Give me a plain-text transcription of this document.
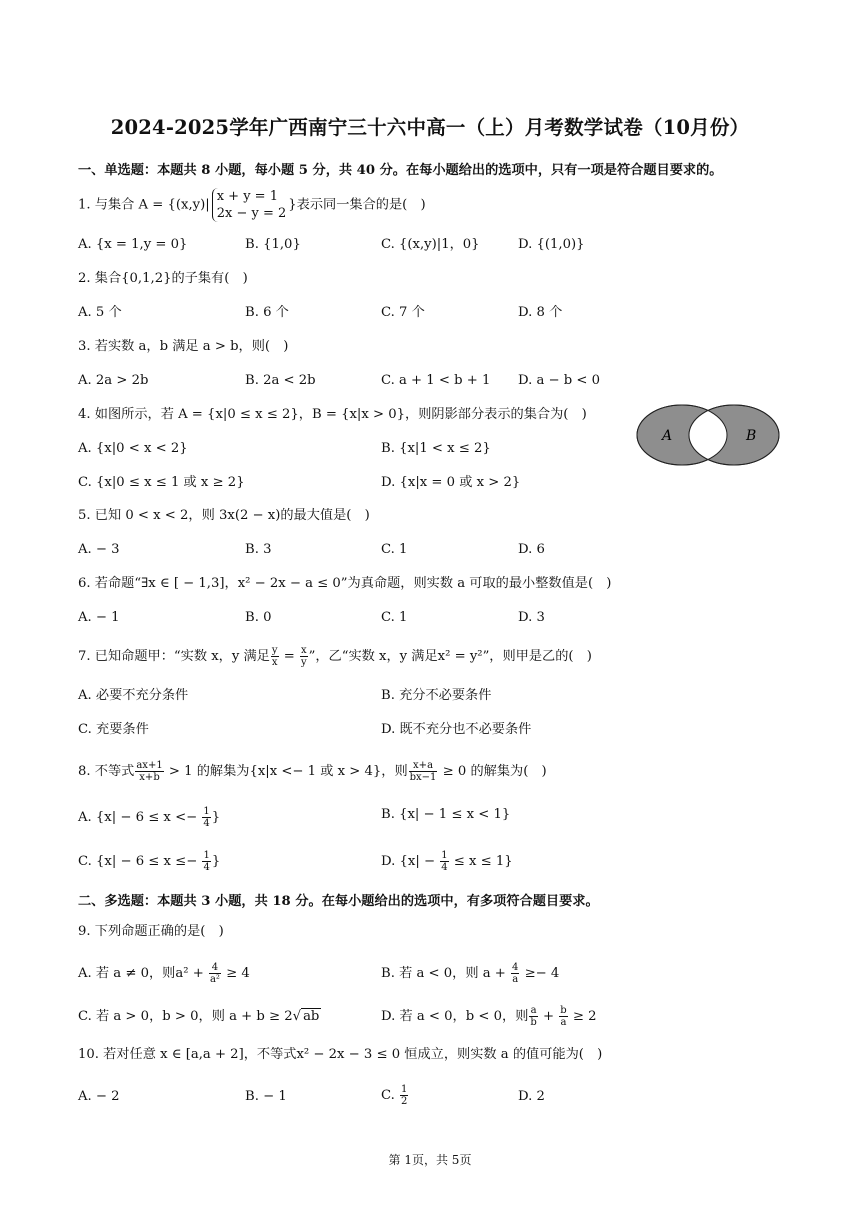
2024-2025学年广西南宁三十六中高一（上）月考数学试卷（10月份）
一、单选题：本题共 8 小题，每小题 5 分，共 40 分。在每小题给出的选项中，只有一项是符合题目要求的。
1. 与集合 A = {(x,y)|
x + y = 1
2x − y = 2
}表示同一集合的是(　)
A. {x = 1,y = 0}	B. {1,0}	C. {(x,y)|1，0}	D. {(1,0)}
2. 集合{0,1,2}的子集有(　)
A. 5 个	B. 6 个	C. 7 个	D. 8 个
3. 若实数 a，b 满足 a > b，则(　)
A. 2a > 2b	B. 2a < 2b	C. a + 1 < b + 1 D. a − b < 0
4. 如图所示，若 A = {x|0 ≤ x ≤ 2}，B = {x|x > 0}，则阴影部分表示的集合为(　)
A. {x|0 < x < 2}	B. {x|1 < x ≤ 2}
C. {x|0 ≤ x ≤ 1 或 x ≥ 2}	D. {x|x = 0 或 x > 2}
A	B
5. 已知 0 < x < 2，则 3x(2 − x)的最大值是(　)
A. − 3	B. 3	C. 1	D. 6
6. 若命题“∃x ∈ [ − 1,3]，x² − 2x − a ≤ 0”为真命题，则实数 a 可取的最小整数值是(　)
A. − 1	B. 0	C. 1	D. 3
7. 已知命题甲：“实数 x，y 满足 $\frac{y}{x} = \frac{x}{y}$ ”，乙“实数 x，y 满足x² = y²”，则甲是乙的(　)
A. 必要不充分条件	B. 充分不必要条件
C. 充要条件	D. 既不充分也不必要条件
8. 不等式 $\frac{ax+1}{x+b} > 1$ 的解集为{x|x <− 1 或 x > 4}，则 $\frac{x+a}{bx-1} \ge 0$ 的解集为(　)
A. {$x| - 6 \le x <- \frac{1}{4}$ }	B. {x| − 1 ≤ x < 1}
C. {$x| - 6 \le x \le- \frac{1}{4}$ }	D. $\{x| - \frac{1}{4} \le x \le 1\}$
二、多选题：本题共 3 小题，共 18 分。在每小题给出的选项中，有多项符合题目要求。
9. 下列命题正确的是(　)
A. 若 a ≠ 0，则$a^2 + \frac{4}{\text{a²}} \ge 4$	B. 若 a < 0，则 $a + \frac{4}{a} \ge- 4$
C. 若 a > 0，b > 0，则 a + b ≥ 2√ ab	D. 若 a < 0，b < 0，则 $\frac{a}{b} + \frac{b}{a} \ge 2$
10. 若对任意 x ∈ [a,a + 2]，不等式x² − 2x − 3 ≤ 0 恒成立，则实数 a 的值可能为(　)
A. − 2	B. − 1	C. $\frac{1}{2}$	D. 2
第 1页，共 5页
